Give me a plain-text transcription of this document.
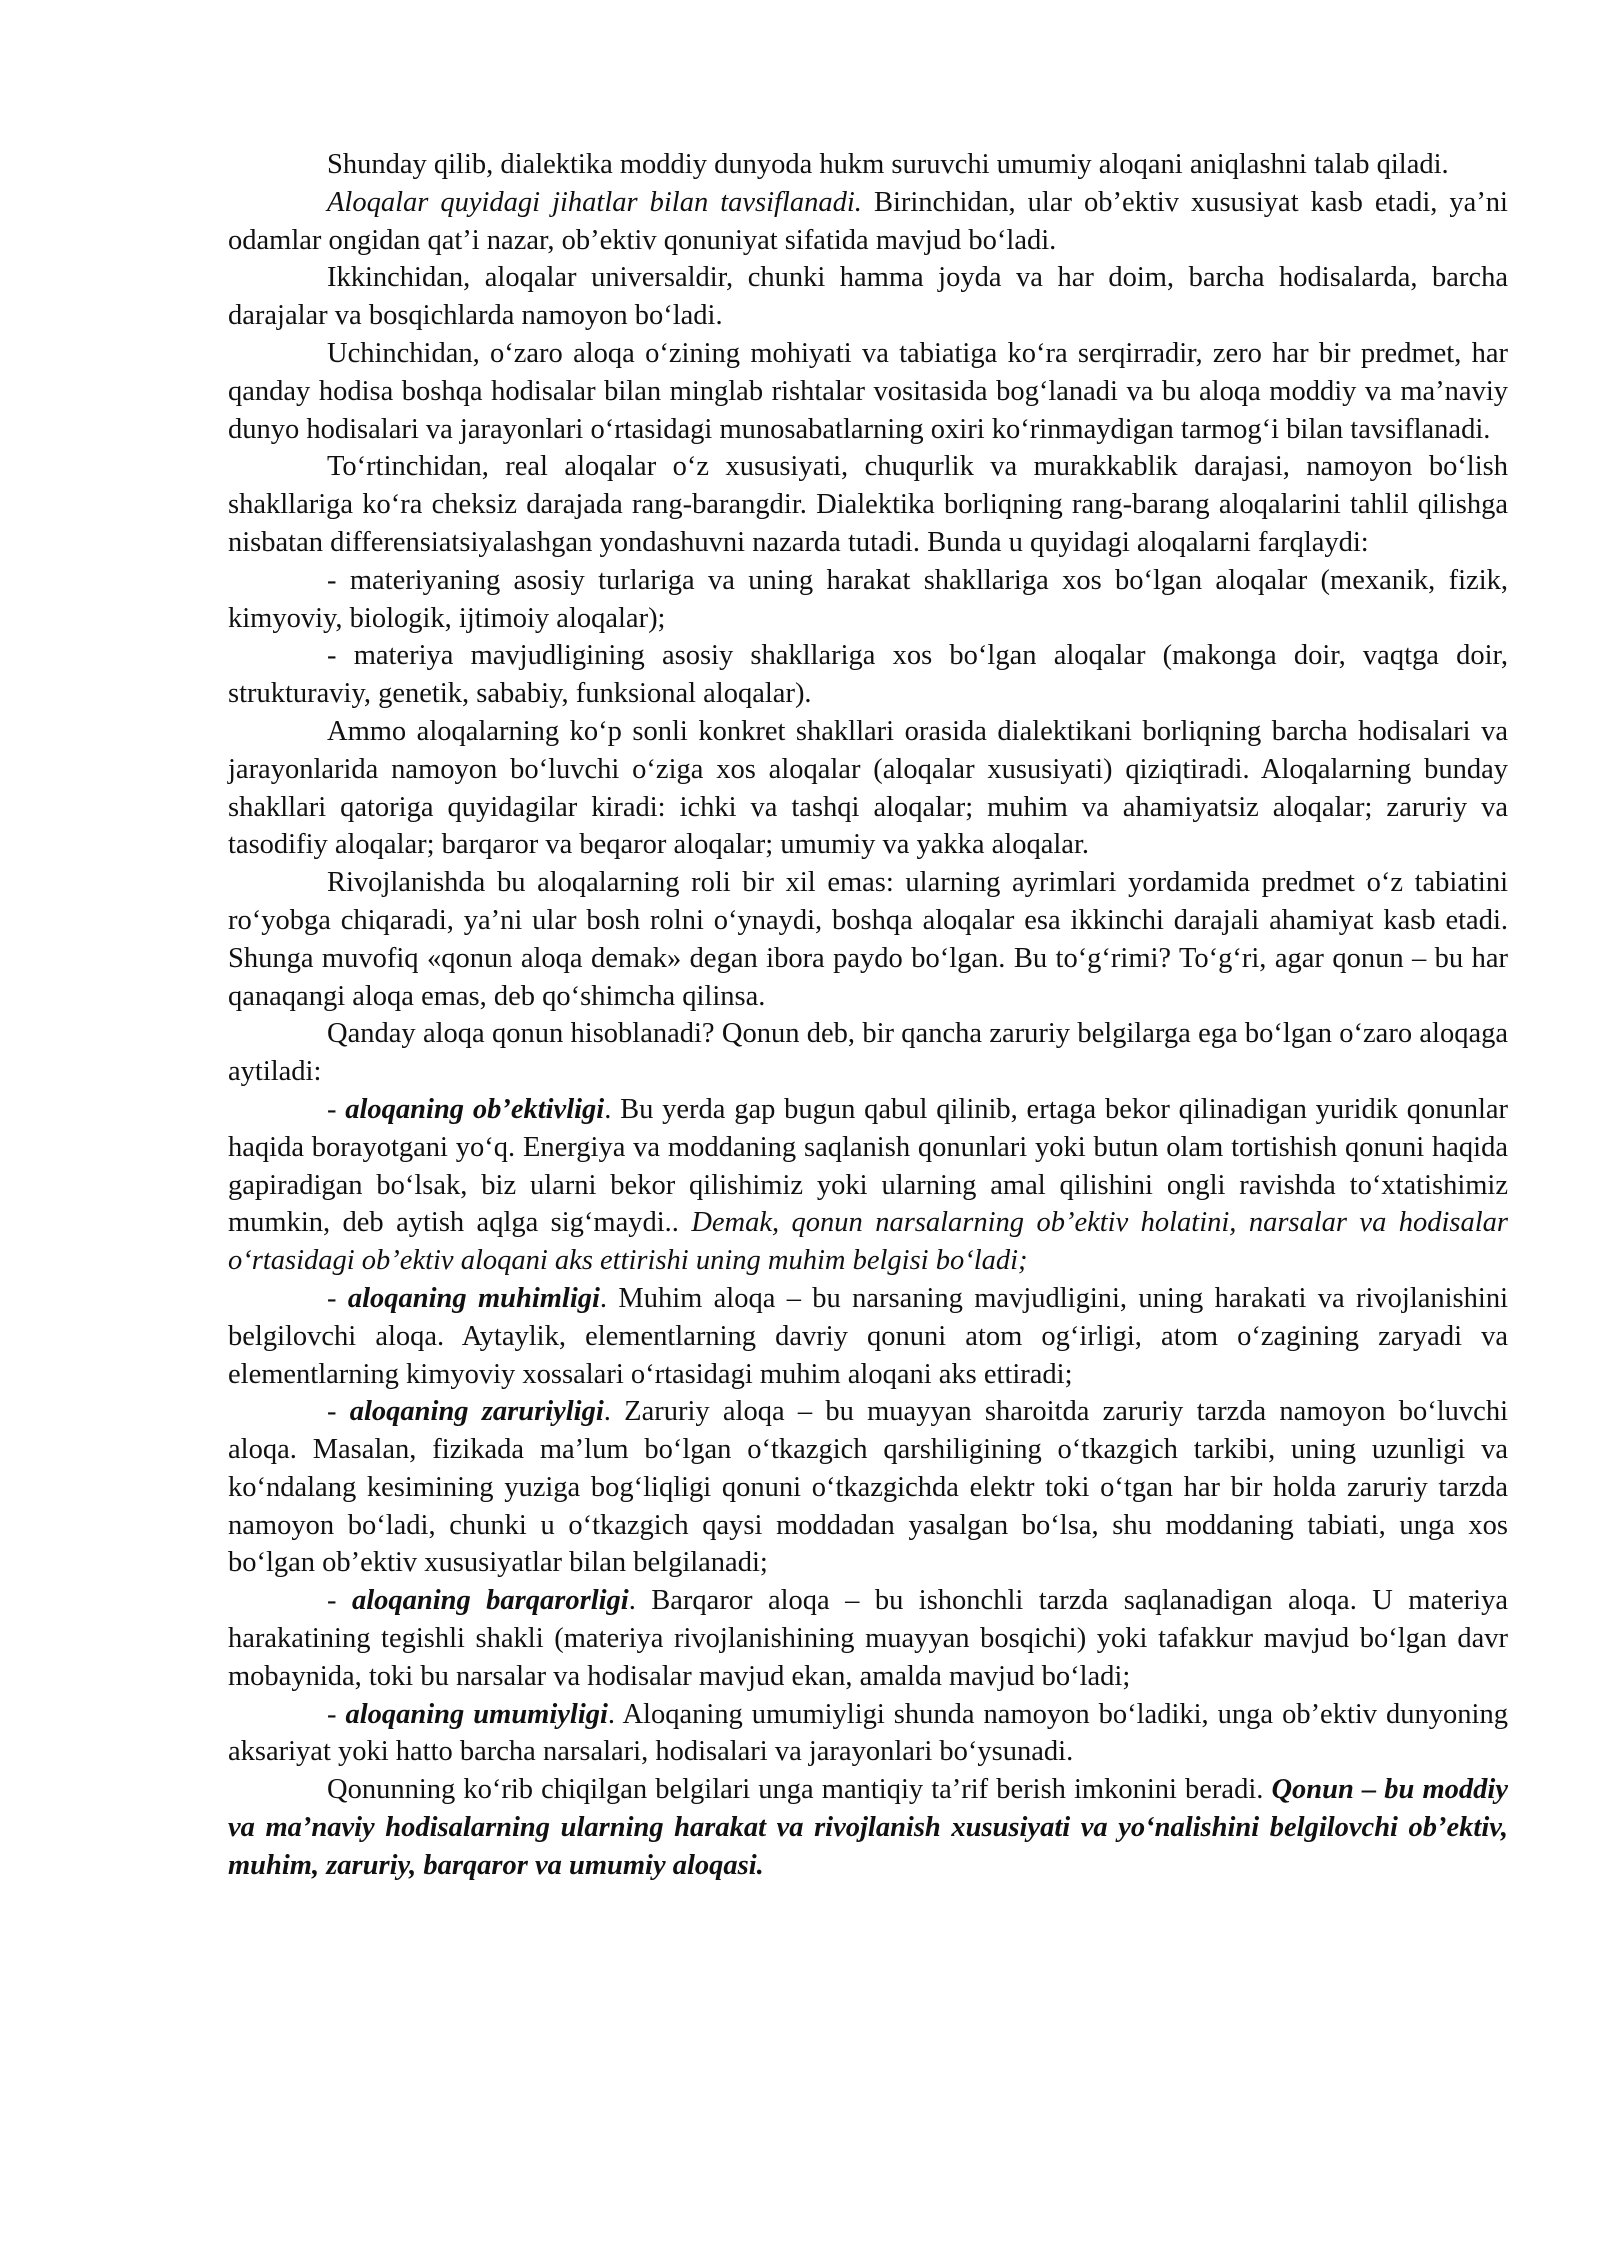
Shunday qilib, dialektika moddiy dunyoda hukm suruvchi umumiy aloqani aniqlashni talab qiladi.

Aloqalar quyidagi jihatlar bilan tavsiflanadi. Birinchidan, ular ob’ektiv xususiyat kasb etadi, ya’ni odamlar ongidan qat’i nazar, ob’ektiv qonuniyat sifatida mavjud bo‘ladi.

Ikkinchidan, aloqalar universaldir, chunki hamma joyda va har doim, barcha hodisalarda, barcha darajalar va bosqichlarda namoyon bo‘ladi.

Uchinchidan, o‘zaro aloqa o‘zining mohiyati va tabiatiga ko‘ra serqirradir, zero har bir predmet, har qanday hodisa boshqa hodisalar bilan minglab rishtalar vositasida bog‘lanadi va bu aloqa moddiy va ma’naviy dunyo hodisalari va jarayonlari o‘rtasidagi munosabatlarning oxiri ko‘rinmaydigan tarmog‘i bilan tavsiflanadi.

To‘rtinchidan, real aloqalar o‘z xususiyati, chuqurlik va murakkablik darajasi, namoyon bo‘lish shakllariga ko‘ra cheksiz darajada rang-barangdir. Dialektika borliqning rang-barang aloqalarini tahlil qilishga nisbatan differensiatsiyalashgan yondashuvni nazarda tutadi. Bunda u quyidagi aloqalarni farqlaydi:

- materiyaning asosiy turlariga va uning harakat shakllariga xos bo‘lgan aloqalar (mexanik, fizik, kimyoviy, biologik, ijtimoiy aloqalar);

- materiya mavjudligining asosiy shakllariga xos bo‘lgan aloqalar (makonga doir, vaqtga doir, strukturaviy, genetik, sababiy, funksional aloqalar).

Ammo aloqalarning ko‘p sonli konkret shakllari orasida dialektikani borliqning barcha hodisalari va jarayonlarida namoyon bo‘luvchi o‘ziga xos aloqalar (aloqalar xususiyati) qiziqtiradi. Aloqalarning bunday shakllari qatoriga quyidagilar kiradi: ichki va tashqi aloqalar; muhim va ahamiyatsiz aloqalar; zaruriy va tasodifiy aloqalar; barqaror va beqaror aloqalar; umumiy va yakka aloqalar.

Rivojlanishda bu aloqalarning roli bir xil emas: ularning ayrimlari yordamida predmet o‘z tabiatini ro‘yobga chiqaradi, ya’ni ular bosh rolni o‘ynaydi, boshqa aloqalar esa ikkinchi darajali ahamiyat kasb etadi. Shunga muvofiq «qonun aloqa demak» degan ibora paydo bo‘lgan. Bu to‘g‘rimi? To‘g‘ri, agar qonun – bu har qanaqangi aloqa emas, deb qo‘shimcha qilinsa.

Qanday aloqa qonun hisoblanadi? Qonun deb, bir qancha zaruriy belgilarga ega bo‘lgan o‘zaro aloqaga aytiladi:

- aloqaning ob’ektivligi. Bu yerda gap bugun qabul qilinib, ertaga bekor qilinadigan yuridik qonunlar haqida borayotgani yo‘q. Energiya va moddaning saqlanish qonunlari yoki butun olam tortishish qonuni haqida gapiradigan bo‘lsak, biz ularni bekor qilishimiz yoki ularning amal qilishini ongli ravishda to‘xtatishimiz mumkin, deb aytish aqlga sig‘maydi.. Demak, qonun narsalarning ob’ektiv holatini, narsalar va hodisalar o‘rtasidagi ob’ektiv aloqani aks ettirishi uning muhim belgisi bo‘ladi;

- aloqaning muhimligi. Muhim aloqa – bu narsaning mavjudligini, uning harakati va rivojlanishini belgilovchi aloqa. Aytaylik, elementlarning davriy qonuni atom og‘irligi, atom o‘zagining zaryadi va elementlarning kimyoviy xossalari o‘rtasidagi muhim aloqani aks ettiradi;

- aloqaning zaruriyligi. Zaruriy aloqa – bu muayyan sharoitda zaruriy tarzda namoyon bo‘luvchi aloqa. Masalan, fizikada ma’lum bo‘lgan o‘tkazgich qarshiligining o‘tkazgich tarkibi, uning uzunligi va ko‘ndalang kesimining yuziga bog‘liqligi qonuni o‘tkazgichda elektr toki o‘tgan har bir holda zaruriy tarzda namoyon bo‘ladi, chunki u o‘tkazgich qaysi moddadan yasalgan bo‘lsa, shu moddaning tabiati, unga xos bo‘lgan ob’ektiv xususiyatlar bilan belgilanadi;

- aloqaning barqarorligi. Barqaror aloqa – bu ishonchli tarzda saqlanadigan aloqa. U materiya harakatining tegishli shakli (materiya rivojlanishining muayyan bosqichi) yoki tafakkur mavjud bo‘lgan davr mobaynida, toki bu narsalar va hodisalar mavjud ekan, amalda mavjud bo‘ladi;

- aloqaning umumiyligi. Aloqaning umumiyligi shunda namoyon bo‘ladiki, unga ob’ektiv dunyoning aksariyat yoki hatto barcha narsalari, hodisalari va jarayonlari bo‘ysunadi.

Qonunning ko‘rib chiqilgan belgilari unga mantiqiy ta’rif berish imkonini beradi. Qonun – bu moddiy va ma’naviy hodisalarning ularning harakat va rivojlanish xususiyati va yo‘nalishini belgilovchi ob’ektiv, muhim, zaruriy, barqaror va umumiy aloqasi.
